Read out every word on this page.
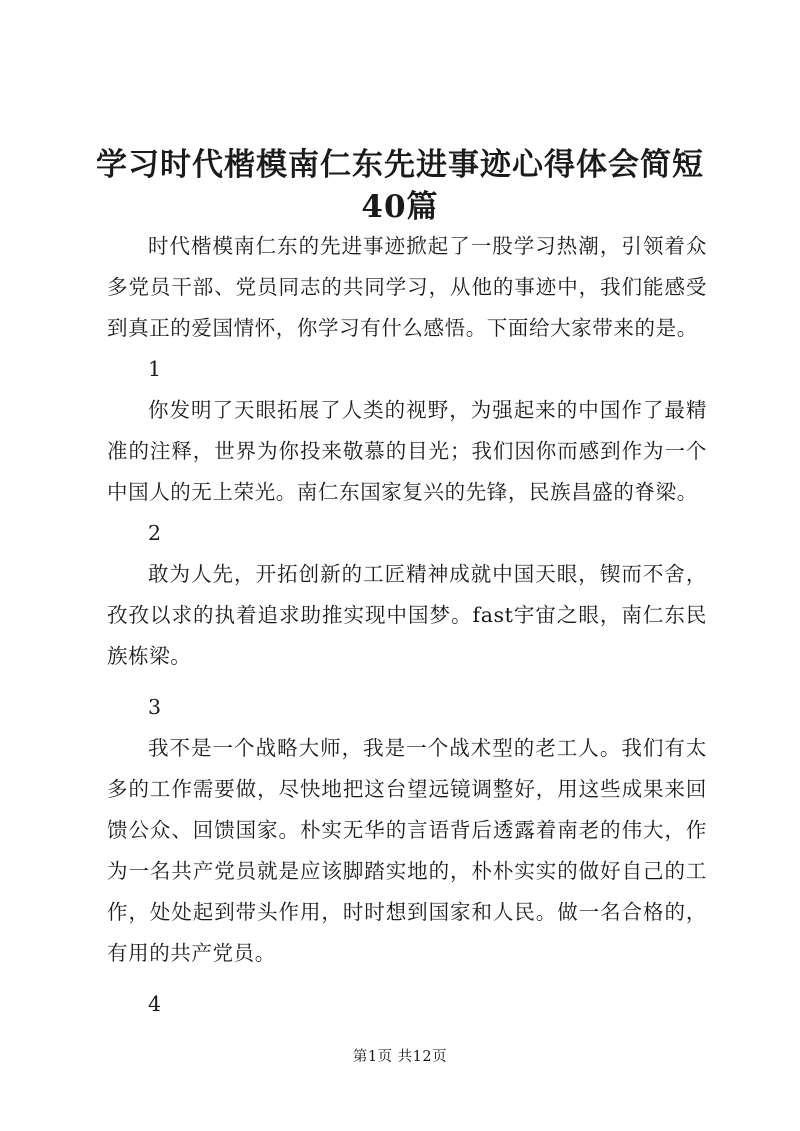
学习时代楷模南仁东先进事迹心得体会简短
40篇

时代楷模南仁东的先进事迹掀起了一股学习热潮，引领着众多党员干部、党员同志的共同学习，从他的事迹中，我们能感受到真正的爱国情怀，你学习有什么感悟。下面给大家带来的是。

1

你发明了天眼拓展了人类的视野，为强起来的中国作了最精准的注释，世界为你投来敬慕的目光；我们因你而感到作为一个中国人的无上荣光。南仁东国家复兴的先锋，民族昌盛的脊梁。

2

敢为人先，开拓创新的工匠精神成就中国天眼，锲而不舍，孜孜以求的执着追求助推实现中国梦。fast宇宙之眼，南仁东民族栋梁。

3

我不是一个战略大师，我是一个战术型的老工人。我们有太多的工作需要做，尽快地把这台望远镜调整好，用这些成果来回馈公众、回馈国家。朴实无华的言语背后透露着南老的伟大，作为一名共产党员就是应该脚踏实地的，朴朴实实的做好自己的工作，处处起到带头作用，时时想到国家和人民。做一名合格的，有用的共产党员。

4

第1页 共12页
